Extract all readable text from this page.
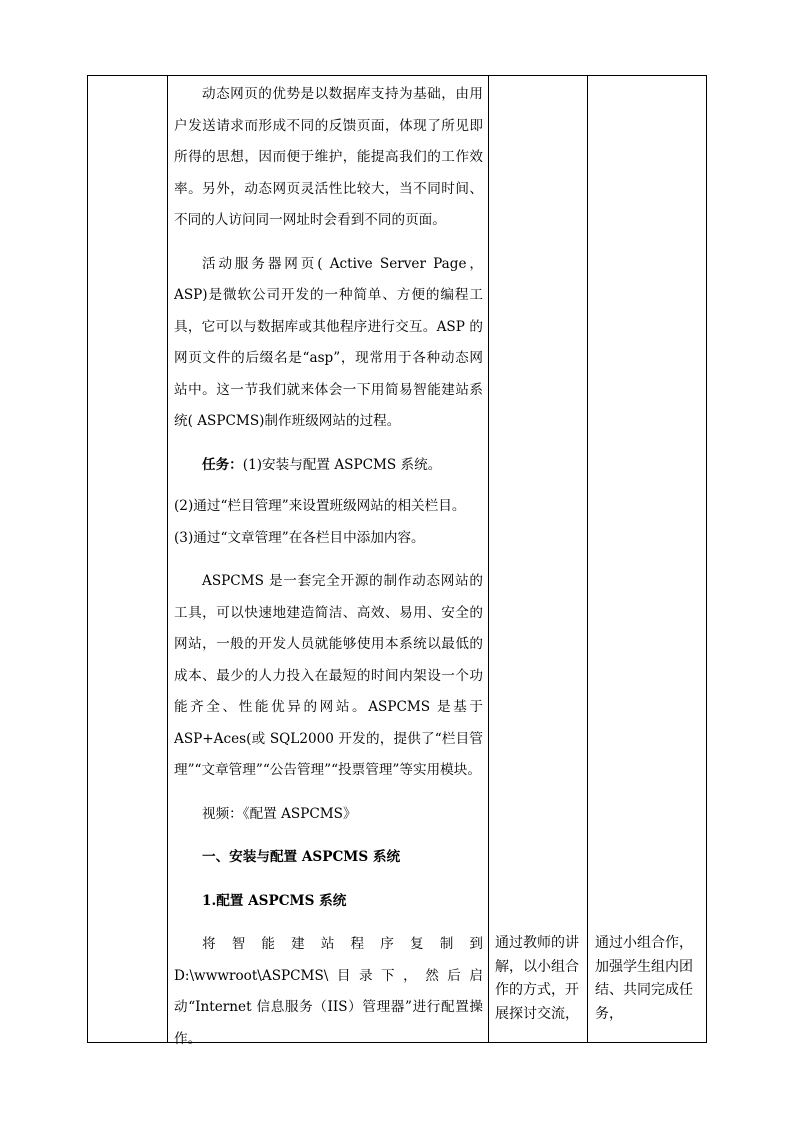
动态网页的优势是以数据库支持为基础，由用户发送请求而形成不同的反馈页面，体现了所见即所得的思想，因而便于维护，能提高我们的工作效率。另外，动态网页灵活性比较大，当不同时间、不同的人访问同一网址时会看到不同的页面。

活动服务器网页( Active Server Page，ASP)是微软公司开发的一种简单、方便的编程工具，它可以与数据库或其他程序进行交互。ASP 的网页文件的后缀名是“asp”，现常用于各种动态网站中。这一节我们就来体会一下用简易智能建站系统( ASPCMS)制作班级网站的过程。

任务：(1)安装与配置 ASPCMS 系统。

(2)通过“栏目管理”来设置班级网站的相关栏目。

(3)通过“文章管理”在各栏目中添加内容。

ASPCMS 是一套完全开源的制作动态网站的工具，可以快速地建造简洁、高效、易用、安全的网站，一般的开发人员就能够使用本系统以最低的成本、最少的人力投入在最短的时间内架设一个功能齐全、性能优异的网站。ASPCMS 是基于ASP+Aces(或 SQL2000 开发的，提供了“栏目管理”“文章管理”“公告管理”“投票管理”等实用模块。

视频：《配置 ASPCMS》

一、安装与配置 ASPCMS 系统

1.配置 ASPCMS 系统

将智能建站程序复制到 D:\wwwroot\ASPCMS\目录下，然后启动“Internet 信息服务（IIS）管理器”进行配置操作。

通过教师的讲解，以小组合作的方式，开展探讨交流，

通过小组合作，加强学生组内团结、共同完成任务，
